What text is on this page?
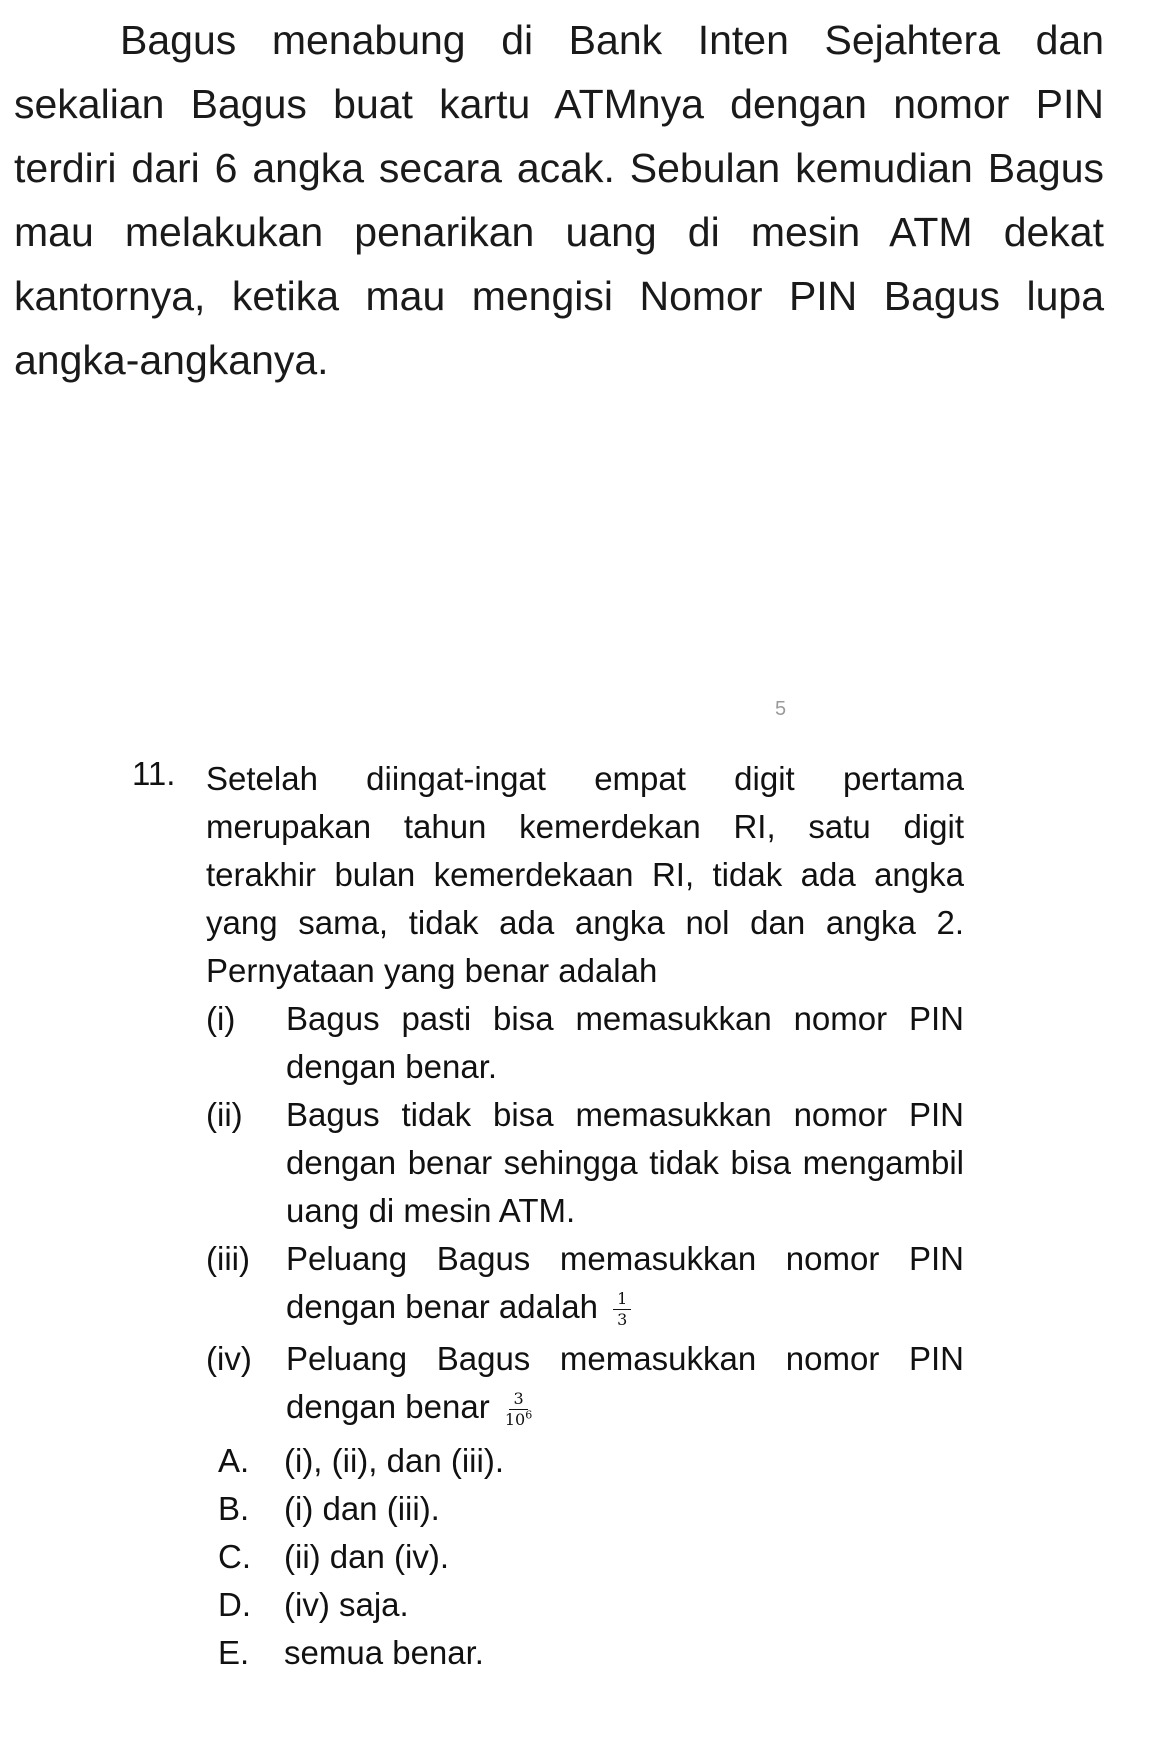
Bagus menabung di Bank Inten Sejahtera dan sekalian Bagus buat kartu ATMnya dengan nomor PIN terdiri dari 6 angka secara acak. Sebulan kemudian Bagus mau melakukan penarikan uang di mesin ATM dekat kantornya, ketika mau mengisi Nomor PIN Bagus lupa angka-angkanya.

5
11. Setelah diingat-ingat empat digit pertama merupakan tahun kemerdekan RI, satu digit terakhir bulan kemerdekaan RI, tidak ada angka yang sama, tidak ada angka nol dan angka 2. Pernyataan yang benar adalah
(i)	Bagus pasti bisa memasukkan nomor PIN dengan benar.
(ii)	Bagus tidak bisa memasukkan nomor PIN dengan benar sehingga tidak bisa mengambil uang di mesin ATM.
(iii)	Peluang Bagus memasukkan nomor PIN dengan benar adalah $\frac{1}{3}$
(iv)	Peluang Bagus memasukkan nomor PIN dengan benar $\frac{3}{10^6}$
A.	(i), (ii), dan (iii).
B.	(i) dan (iii).
C.	(ii) dan (iv).
D.	(iv) saja.
E.	semua benar.
